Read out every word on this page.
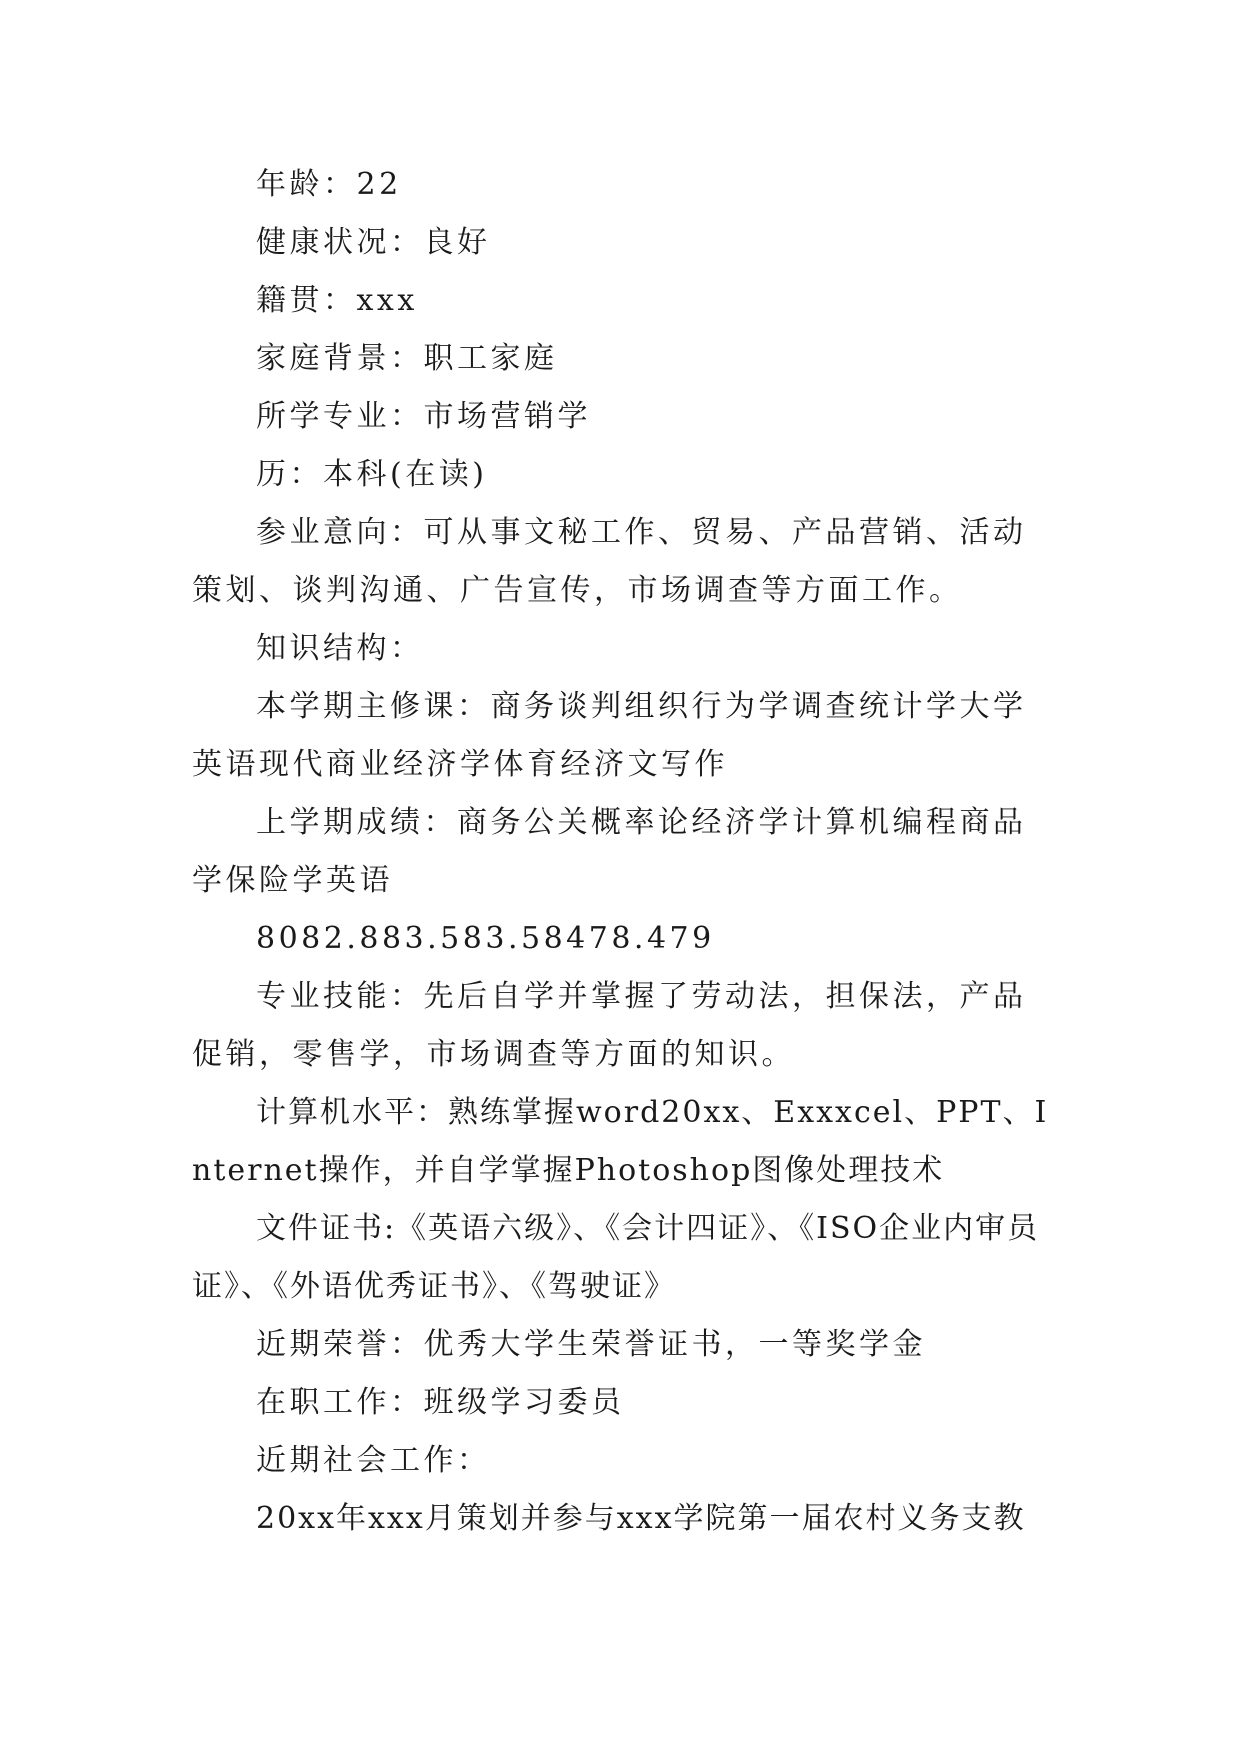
年龄：22

健康状况：良好

籍贯：xxx

家庭背景：职工家庭

所学专业：市场营销学

历：本科(在读)

参业意向：可从事文秘工作、贸易、产品营销、活动策划、谈判沟通、广告宣传，市场调查等方面工作。

知识结构：

本学期主修课：商务谈判组织行为学调查统计学大学英语现代商业经济学体育经济文写作

上学期成绩：商务公关概率论经济学计算机编程商品学保险学英语

8082.883.583.58478.479

专业技能：先后自学并掌握了劳动法，担保法，产品促销，零售学，市场调查等方面的知识。

计算机水平：熟练掌握word20xx、Exxxcel、PPT、Internet操作，并自学掌握Photoshop图像处理技术

文件证书:《英语六级》、《会计四证》、《ISO企业内审员证》、《外语优秀证书》、《驾驶证》

近期荣誉：优秀大学生荣誉证书，一等奖学金

在职工作：班级学习委员

近期社会工作：

20xx年xxx月策划并参与xxx学院第一届农村义务支教
